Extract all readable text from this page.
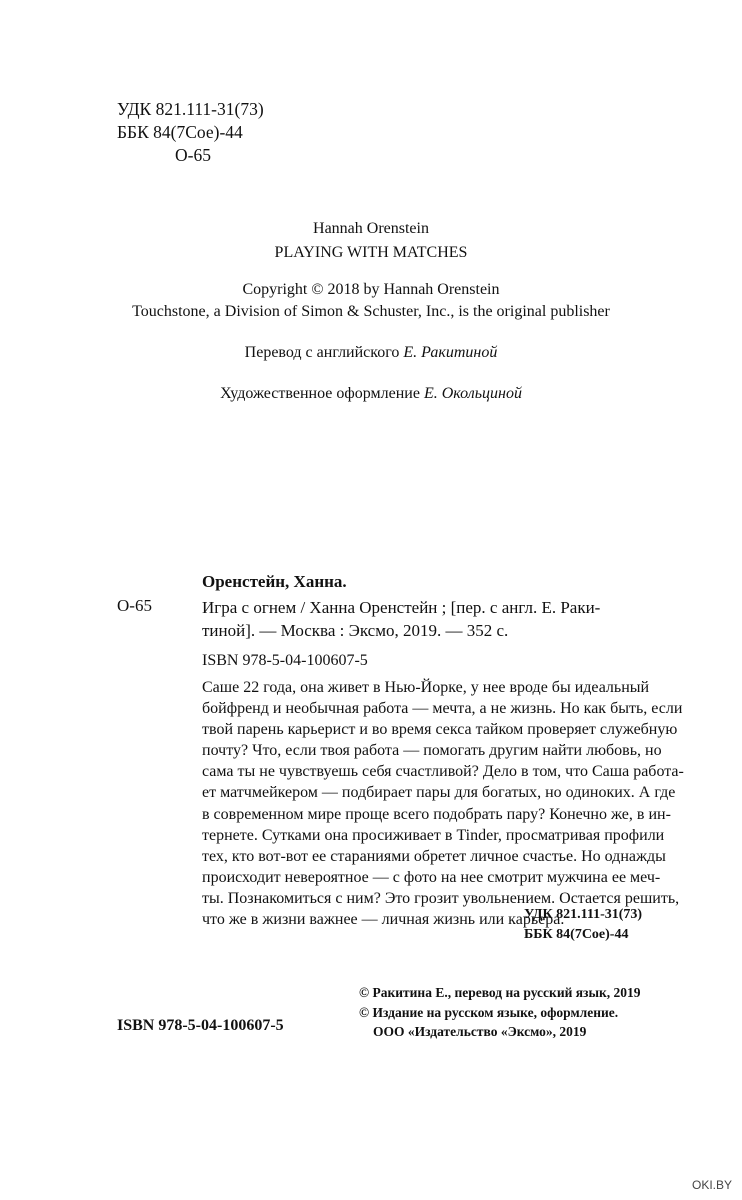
УДК 821.111-31(73)
ББК 84(7Сое)-44
О-65
Hannah Orenstein
PLAYING WITH MATCHES
Copyright © 2018 by Hannah Orenstein
Touchstone, a Division of Simon & Schuster, Inc., is the original publisher
Перевод с английского Е. Ракитиной
Художественное оформление Е. Окольциной
Оренстейн, Ханна.
О-65	Игра с огнем / Ханна Оренстейн ; [пер. с англ. Е. Раки-
тиной]. — Москва : Эксмо, 2019. — 352 с.
ISBN 978-5-04-100607-5
Саше 22 года, она живет в Нью-Йорке, у нее вроде бы идеальный
бойфренд и необычная работа — мечта, а не жизнь. Но как быть, если
твой парень карьерист и во время секса тайком проверяет служебную
почту? Что, если твоя работа — помогать другим найти любовь, но
сама ты не чувствуешь себя счастливой? Дело в том, что Саша работа-
ет матчмейкером — подбирает пары для богатых, но одиноких. А где
в современном мире проще всего подобрать пару? Конечно же, в ин-
тернете. Сутками она просиживает в Tinder, просматривая профили
тех, кто вот-вот ее стараниями обретет личное счастье. Но однажды
происходит невероятное — с фото на нее смотрит мужчина ее меч-
ты. Познакомиться с ним? Это грозит увольнением. Остается решить,
что же в жизни важнее — личная жизнь или карьера.
УДК 821.111-31(73)
ББК 84(7Сое)-44
© Ракитина Е., перевод на русский язык, 2019
© Издание на русском языке, оформление.
ООО «Издательство «Эксмо», 2019
ISBN 978-5-04-100607-5
OKI.BY
